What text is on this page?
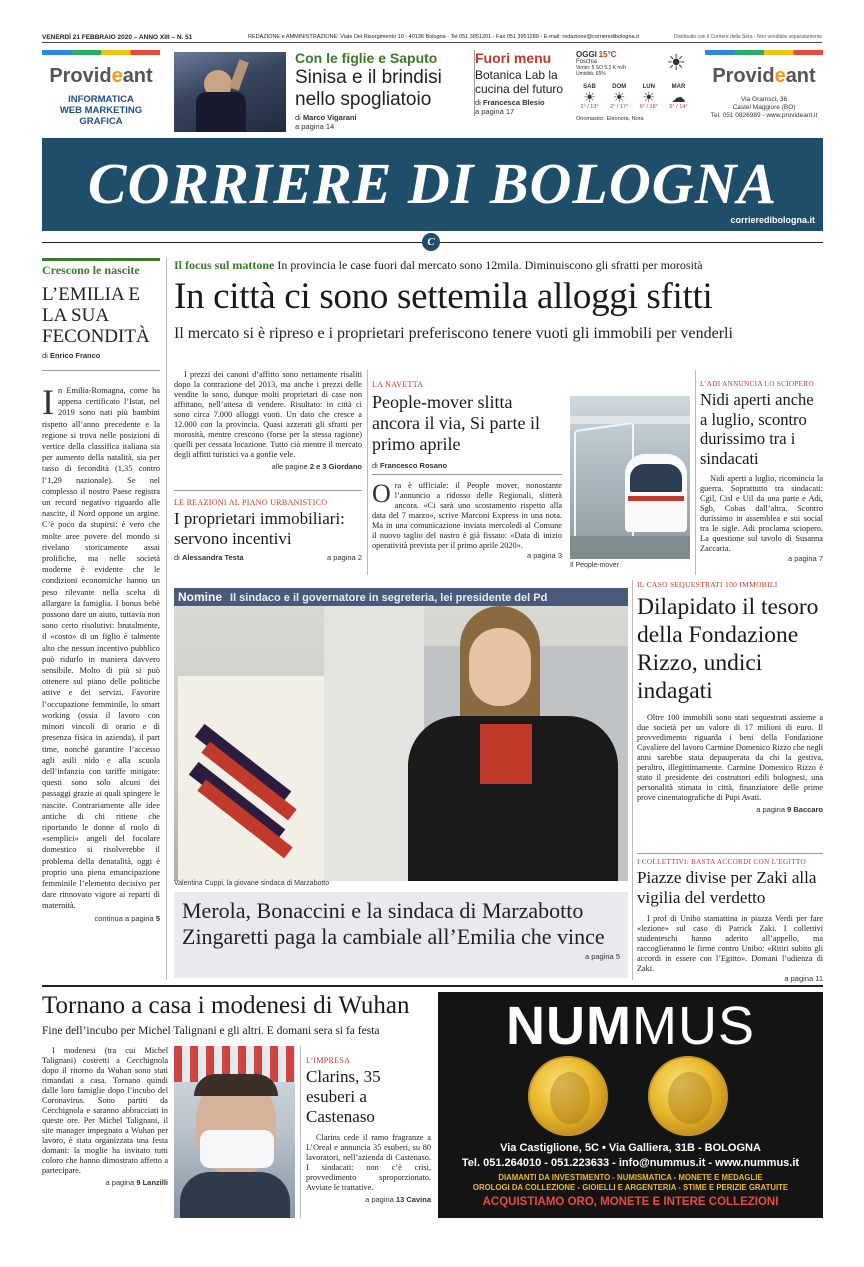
VENERDÌ 21 FEBBRAIO 2020 – ANNO XIII – N. 51	REDAZIONE e AMMINISTRAZIONE: Viale Del Risorgimento 10 - 40136 Bologna - Tel 051 3951201 - Fax 051 3951289 - E-mail: redazione@corrieredibologna.it	Distribuito con il Corriere della Sera - Non vendibile separatamente
Provideant
INFORMATICA
WEB MARKETING
GRAFICA
Con le figlie e Saputo
Sinisa e il brindisi nello spogliatoio
di Marco Vigarani
a pagina 14
Fuori menu
Botanica Lab la cucina del futuro
di Francesca Blesio
a pagina 17
OGGI 15°C
Foschia
Vento: 5 SO 5.2 K m/h
Umidità: 65%	☀
SAB
☀
2° / 13°
DOM
☀
2° / 17°
LUN
☀
6° / 18°
MAR
☁
5° / 14°
Onomastici: Eleonora, Nora
Provideant
Via Gramsci, 36
Castel Maggiore (BO)
Tel. 051 0826989 - www.provideant.it
CORRIERE DI BOLOGNA
corrieredibologna.it
C
Crescono le nascite
L’EMILIA E LA SUA FECONDITÀ
di Enrico Franco
In Emilia-Romagna, come ha appena certificato l’Istat, nel 2019 sono nati più bambini rispetto all’anno precedente e la regione si trova nelle posizioni di vertice della classifica italiana sia per aumento della natalità, sia per tasso di fecondità (1,35 contro l’1,29 nazionale). Se nel complesso il nostro Paese registra un record negativo riguardo alle nascite, il Nord oppone un argine. C’è poco da stupirsi: è vero che molte aree povere del mondo si rivelano storicamente assai prolifiche, ma nelle società moderne è evidente che le condizioni economiche hanno un peso rilevante nella scelta di allargare la famiglia. I bonus bebè possono dare un aiuto, tuttavia non sono certo risolutivi: brutalmente, il «costo» di un figlio è talmente alto che nessun incentivo pubblico può ridurlo in maniera davvero sensibile. Molto di più si può ottenere sul piano delle politiche attive e dei servizi. Favorire l’occupazione femminile, lo smart working (ossia il lavoro con minori vincoli di orario e di presenza fisica in azienda), il part time, nonché garantire l’accesso agli asili nido e alla scuola dell’infanzia con tariffe mitigate: questi sono solo alcuni dei passaggi grazie ai quali spingere le nascite. Contrariamente alle idee antiche di chi ritiene che riportando le donne al ruolo di «semplici» angeli del focolare domestico si risolverebbe il problema della denatalità, oggi è proprio una piena emancipazione femminile l’elemento decisivo per dare rinnovato vigore ai reparti di maternità.
continua a pagina 5
Il focus sul mattone In provincia le case fuori dal mercato sono 12mila. Diminuiscono gli sfratti per morosità
In città ci sono settemila alloggi sfitti
Il mercato si è ripreso e i proprietari preferiscono tenere vuoti gli immobili per venderli
I prezzi dei canoni d’affitto sono nettamente risaliti dopo la contrazione del 2013, ma anche i prezzi delle vendite lo sono, dunque molti proprietari di case non affittano, nell’attesa di vendere. Risultato: in città ci sono circa 7.000 alloggi vuoti. Un dato che cresce a 12.000 con la provincia. Quasi azzerati gli sfratti per morosità, mentre crescono (forse per la stessa ragione) quelli per cessata locazione. Tutto ciò mentre il mercato degli affitti turistici va a gonfie vele.
alle pagine 2 e 3 Giordano
LE REAZIONI AL PIANO URBANISTICO
I proprietari immobiliari: servono incentivi
di Alessandra Testa	a pagina 2
LA NAVETTA
People-mover slitta ancora il via, Si parte il primo aprile
di Francesco Rosano
Ora è ufficiale: il People mover, nonostante l’annuncio a ridosso delle Regionali, slitterà ancora. «Ci sarà uno scostamento rispetto alla data del 7 marzo», scrive Marconi Express in una nota. Ma in una comunicazione inviata mercoledì al Comune il nuovo taglio del nastro è già fissato: «Data di inizio operatività prevista per il primo aprile 2020».
a pagina 3
Il People-mover
L’ADI ANNUNCIA LO SCIOPERO
Nidi aperti anche a luglio, scontro durissimo tra i sindacati
Nidi aperti a luglio, ricomincia la guerra. Soprattutto tra sindacati: Cgil, Cisl e Uil da una parte e Adi, Sgb, Cobas dall’altra. Scontro durissimo in assemblea e sui social tra le sigle. Adi proclama sciopero. La questione sul tavolo di Susanna Zaccaria.
a pagina 7
Nomine Il sindaco e il governatore in segreteria, lei presidente del Pd
Valentina Cuppi, la giovane sindaca di Marzabotto
Merola, Bonaccini e la sindaca di Marzabotto Zingaretti paga la cambiale all’Emilia che vince
a pagina 5
IL CASO SEQUESTRATI 100 IMMOBILI
Dilapidato il tesoro della Fondazione Rizzo, undici indagati
Oltre 100 immobili sono stati sequestrati assieme a due società per un valore di 17 milioni di euro. Il provvedimento riguarda i beni della Fondazione Cavaliere del lavoro Carmine Domenico Rizzo che negli anni sarebbe stata depauperata da chi la gestiva, peraltro, illegittimamente. Carmine Domenico Rizzo è stato il presidente dei costruttori edili bolognesi, una personalità stimata in città, finanziatore delle prime prove cinematografiche di Pupi Avati.
a pagina 9 Baccaro
I COLLETTIVI: BASTA ACCORDI CON L’EGITTO
Piazze divise per Zaki alla vigilia del verdetto
I prof di Unibo stamattina in piazza Verdi per fare «lezione» sul caso di Patrick Zaki. I collettivi studenteschi hanno aderito all’appello, ma raccoglieranno le firme contro Unibo: «Ritiri subito gli accordi in essere con l’Egitto». Domani l’udienza di Zaki.
a pagina 11
Tornano a casa i modenesi di Wuhan
Fine dell’incubo per Michel Talignani e gli altri. E domani sera si fa festa
I modenesi (tra cui Michel Talignani) costretti a Cecchignola dopo il ritorno da Wuhan sono stati rimandati a casa. Tornano quindi dalle loro famiglie dopo l’incubo del Coronavirus. Sono partiti da Cecchignola e saranno abbracciati in queste ore. Per Michel Talignani, il site manager impegnato a Wuhan per lavoro, è stata organizzata una festa domani: la moglie ha invitato tutti coloro che hanno dimostrato affetto a partecipare.
a pagina 9 Lanzilli
L’IMPRESA
Clarins, 35 esuberi a Castenaso
Clarins cede il ramo fragranze a L’Oreal e annuncia 35 esuberi, su 80 lavoratori, nell’azienda di Castenaso. I sindacati: non c’è crisi, provvedimento sproporzionato. Avviate le trattative.
a pagina 13 Cavina
NUMMUS
Via Castiglione, 5C • Via Galliera, 31B - BOLOGNA
Tel. 051.264010 - 051.223633 - info@nummus.it - www.nummus.it
DIAMANTI DA INVESTIMENTO - NUMISMATICA - MONETE E MEDAGLIE
OROLOGI DA COLLEZIONE - GIOIELLI E ARGENTERIA - STIME E PERIZIE GRATUITE
ACQUISTIAMO ORO, MONETE E INTERE COLLEZIONI
